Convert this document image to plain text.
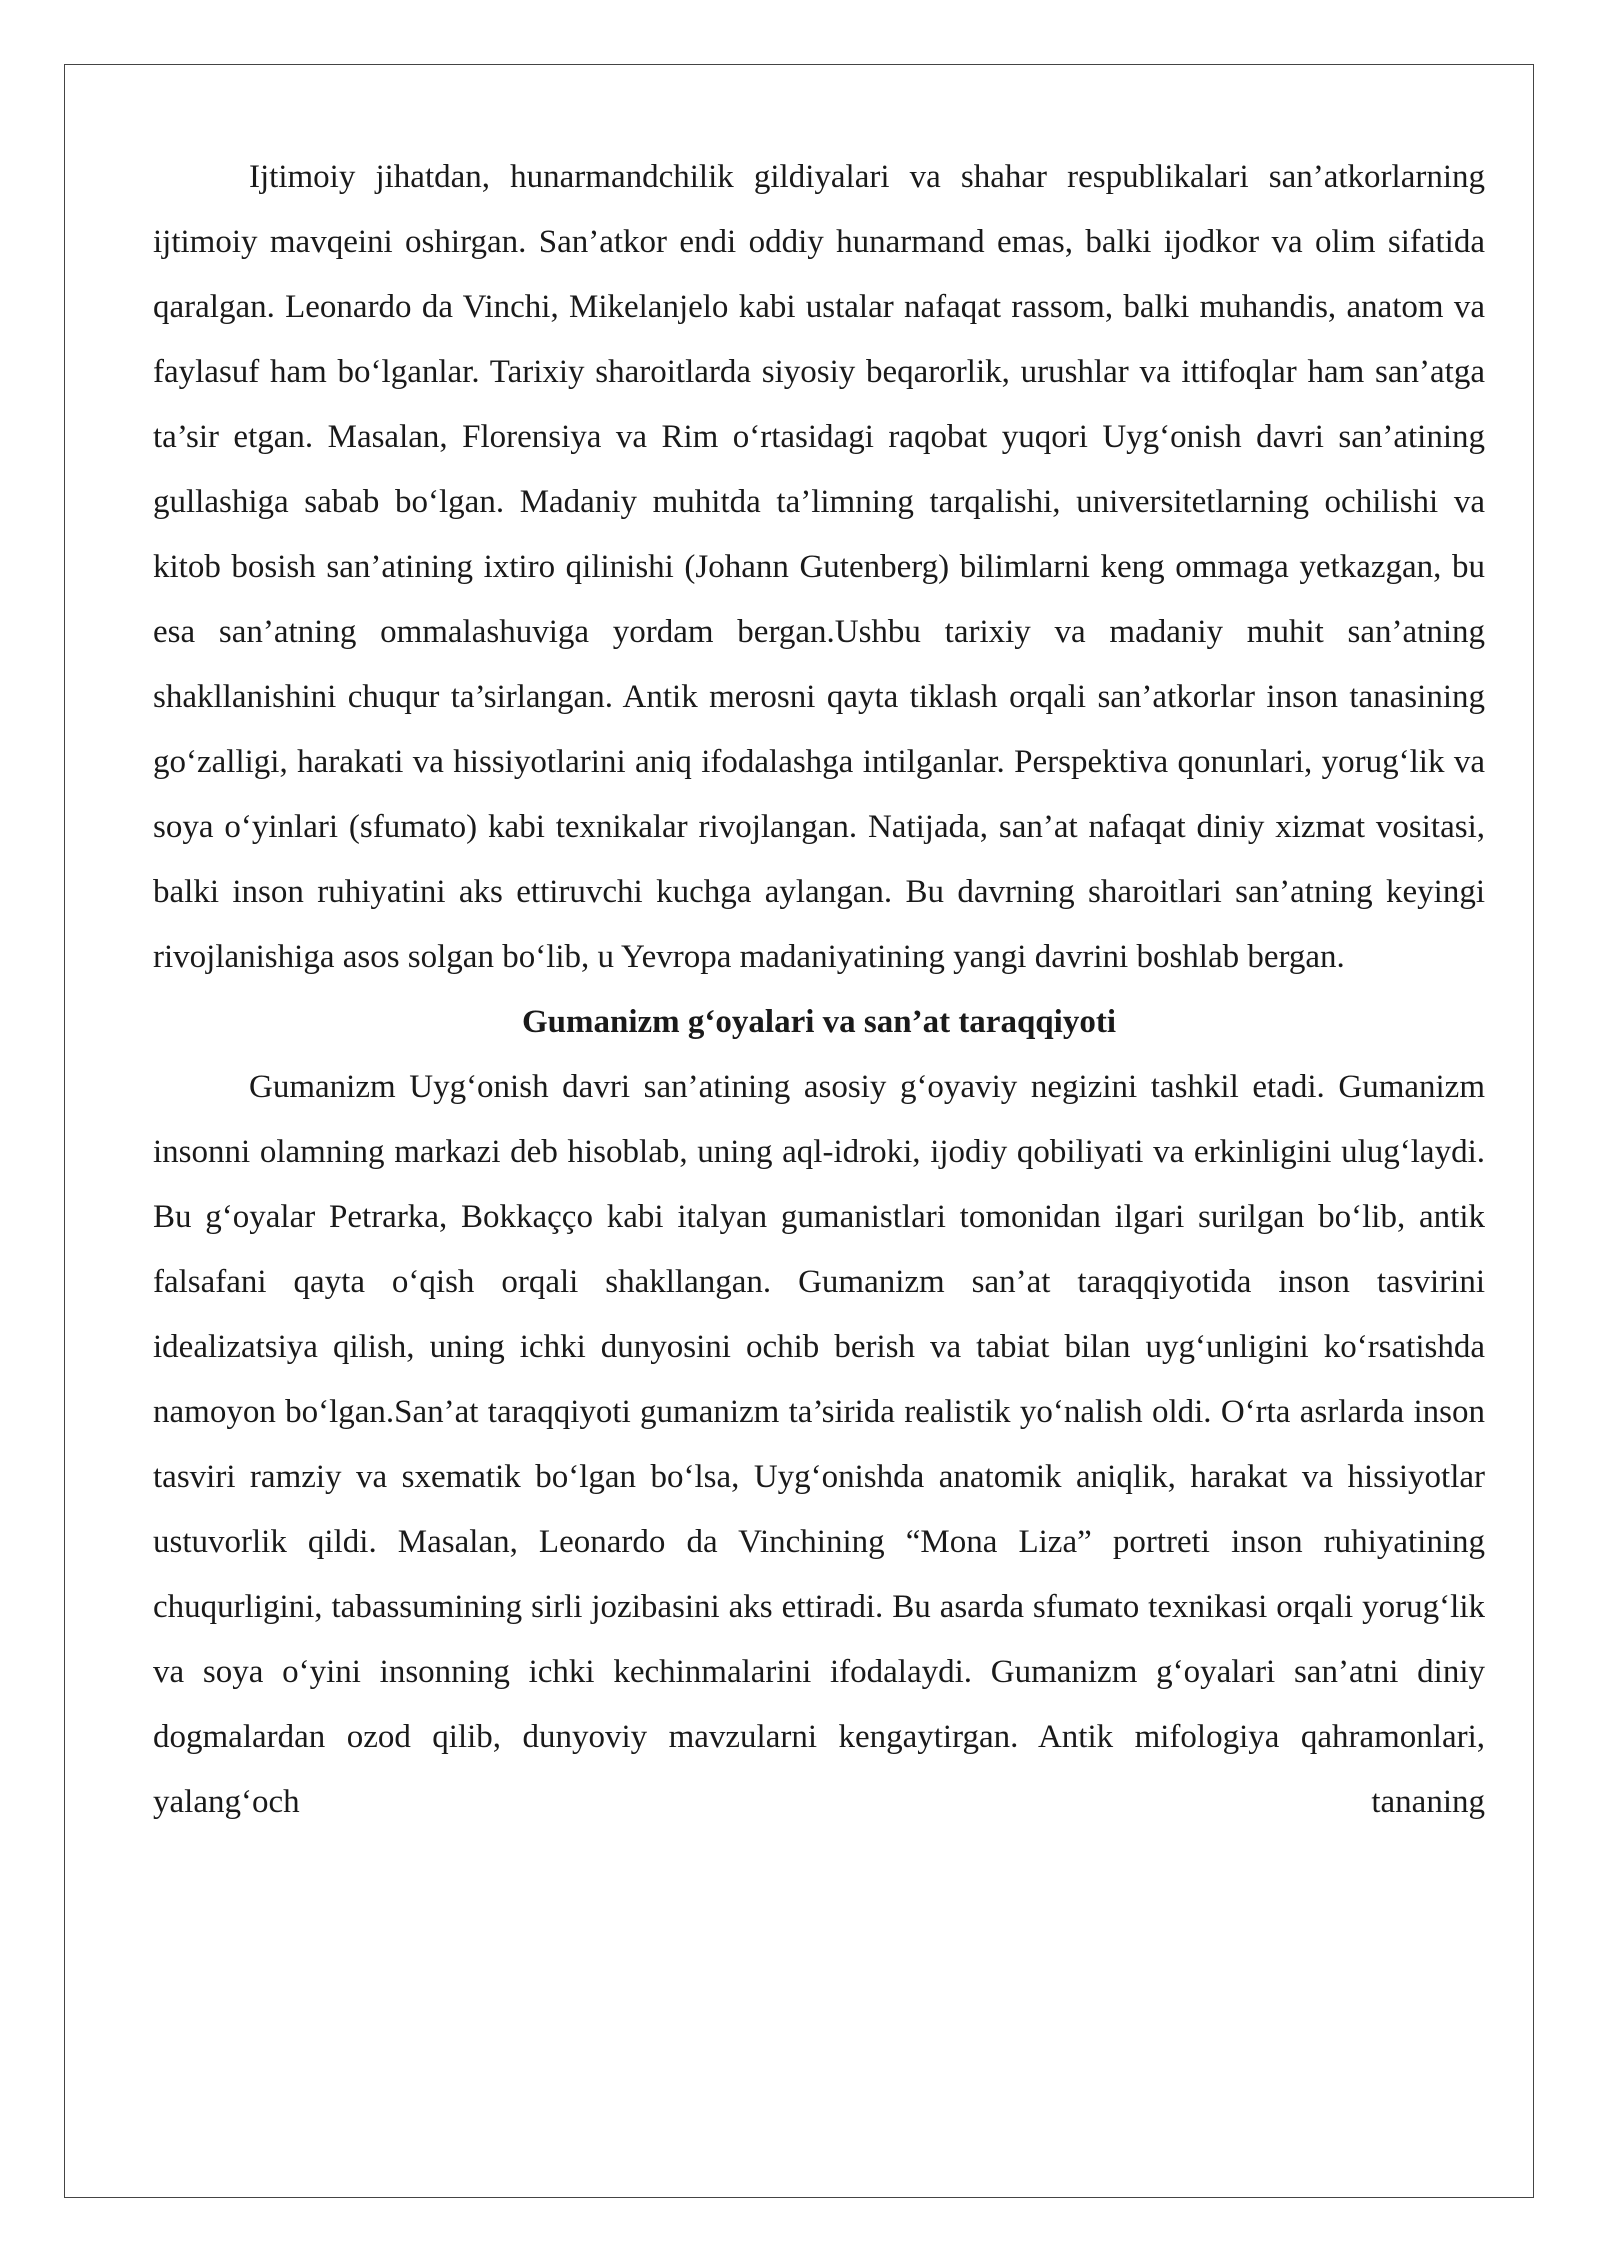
Ijtimoiy jihatdan, hunarmandchilik gildiyalari va shahar respublikalari san’atkorlarning ijtimoiy mavqeini oshirgan. San’atkor endi oddiy hunarmand emas, balki ijodkor va olim sifatida qaralgan. Leonardo da Vinchi, Mikelanjelo kabi ustalar nafaqat rassom, balki muhandis, anatom va faylasuf ham bo‘lganlar. Tarixiy sharoitlarda siyosiy beqarorlik, urushlar va ittifoqlar ham san’atga ta’sir etgan. Masalan, Florensiya va Rim o‘rtasidagi raqobat yuqori Uyg‘onish davri san’atining gullashiga sabab bo‘lgan. Madaniy muhitda ta’limning tarqalishi, universitetlarning ochilishi va kitob bosish san’atining ixtiro qilinishi (Johann Gutenberg) bilimlarni keng ommaga yetkazgan, bu esa san’atning ommalashuviga yordam bergan.Ushbu tarixiy va madaniy muhit san’atning shakllanishini chuqur ta’sirlangan. Antik merosni qayta tiklash orqali san’atkorlar inson tanasining go‘zalligi, harakati va hissiyotlarini aniq ifodalashga intilganlar. Perspektiva qonunlari, yorug‘lik va soya o‘yinlari (sfumato) kabi texnikalar rivojlangan. Natijada, san’at nafaqat diniy xizmat vositasi, balki inson ruhiyatini aks ettiruvchi kuchga aylangan. Bu davrning sharoitlari san’atning keyingi rivojlanishiga asos solgan bo‘lib, u Yevropa madaniyatining yangi davrini boshlab bergan.

Gumanizm g‘oyalari va san’at taraqqiyoti

Gumanizm Uyg‘onish davri san’atining asosiy g‘oyaviy negizini tashkil etadi. Gumanizm insonni olamning markazi deb hisoblab, uning aql-idroki, ijodiy qobiliyati va erkinligini ulug‘laydi. Bu g‘oyalar Petrarka, Bokkaçço kabi italyan gumanistlari tomonidan ilgari surilgan bo‘lib, antik falsafani qayta o‘qish orqali shakllangan. Gumanizm san’at taraqqiyotida inson tasvirini idealizatsiya qilish, uning ichki dunyosini ochib berish va tabiat bilan uyg‘unligini ko‘rsatishda namoyon bo‘lgan.San’at taraqqiyoti gumanizm ta’sirida realistik yo‘nalish oldi. O‘rta asrlarda inson tasviri ramziy va sxematik bo‘lgan bo‘lsa, Uyg‘onishda anatomik aniqlik, harakat va hissiyotlar ustuvorlik qildi. Masalan, Leonardo da Vinchining “Mona Liza” portreti inson ruhiyatining chuqurligini, tabassumining sirli jozibasini aks ettiradi. Bu asarda sfumato texnikasi orqali yorug‘lik va soya o‘yini insonning ichki kechinmalarini ifodalaydi. Gumanizm g‘oyalari san’atni diniy dogmalardan ozod qilib, dunyoviy mavzularni kengaytirgan. Antik mifologiya qahramonlari, yalang‘och tananing
